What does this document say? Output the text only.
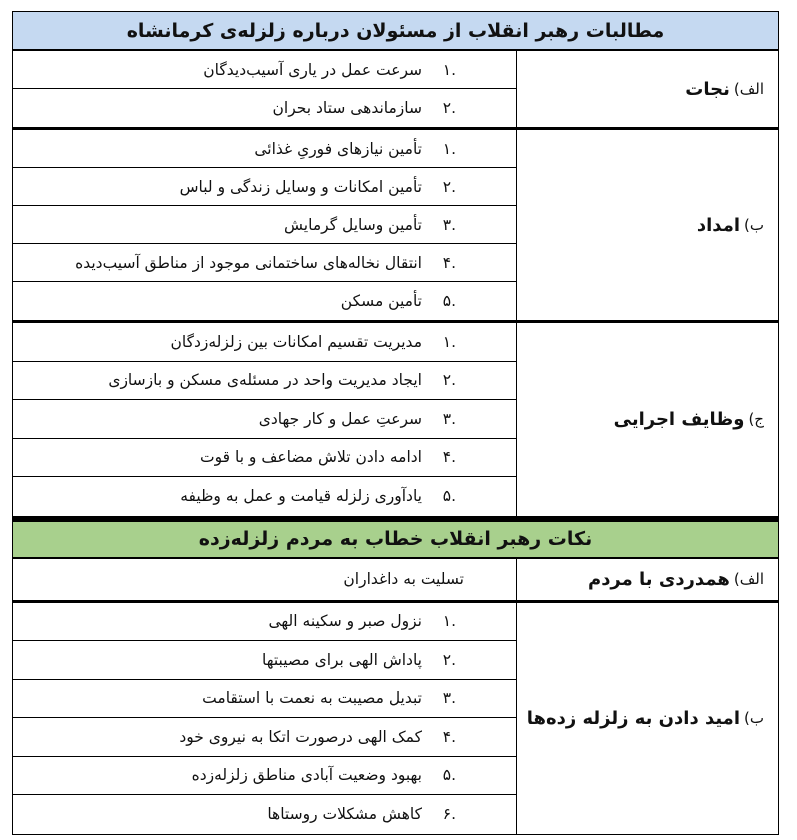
مطالبات رهبر انقلاب از مسئولان درباره زلزله‌ی کرمانشاه
الف)
نجات
.۱
سرعت عمل در یاری آسیب‌دیدگان
.۲
سازماندهی ستاد بحران
ب)
امداد
.۱
تأمین نیازهای فوریِ غذائی
.۲
تأمین امکانات و وسایل زندگی و لباس
.۳
تأمین وسایل گرمایش
.۴
انتقال نخاله‌های ساختمانی موجود از مناطق آسیب‌دیده
.۵
تأمین مسکن
ج)
وظایف اجرایی
.۱
مدیریت تقسیم امکانات بین زلزله‌زدگان
.۲
ایجاد مدیریت واحد در مسئله‌ی مسکن و بازسازی
.۳
سرعتِ عمل و کار جهادی
.۴
ادامه دادن تلاش مضاعف و با قوت
.۵
یادآوری زلزله قیامت و عمل به وظیفه
نکات رهبر انقلاب خطاب به مردم زلزله‌زده
الف)
همدردی با مردم
تسلیت به داغداران
ب)
امید دادن به زلزله زده‌ها
.۱
نزول صبر و سکینه الهی
.۲
پاداش الهی برای مصیبتها
.۳
تبدیل مصیبت به نعمت با استقامت
.۴
کمک الهی درصورت اتکا به نیروی خود
.۵
بهبود وضعیت آبادی مناطق زلزله‌زده
.۶
کاهش مشکلات روستاها
